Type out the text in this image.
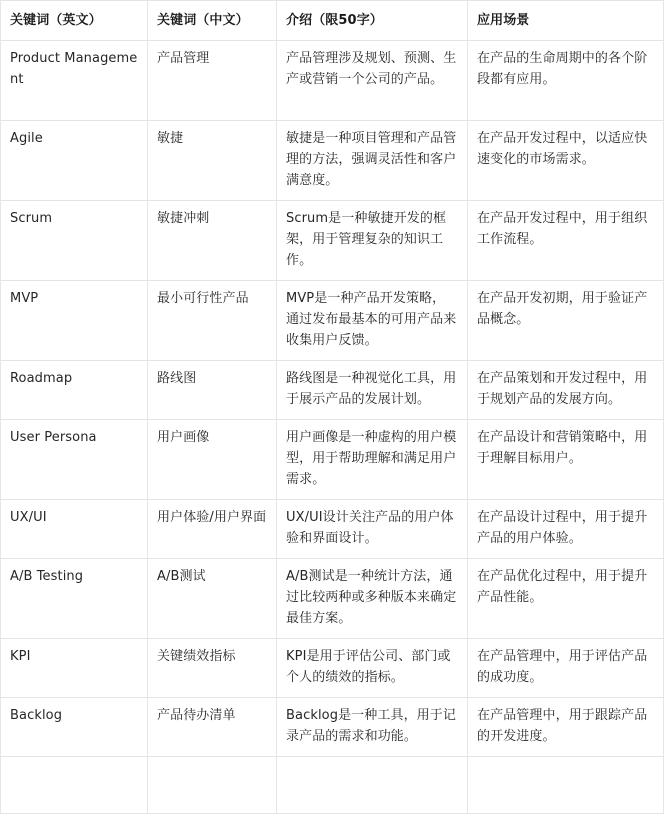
关键词（英文）	关键词（中文）	介绍（限50字）	应用场景
Product Management	产品管理	产品管理涉及规划、预测、生产或营销一个公司的产品。	在产品的生命周期中的各个阶段都有应用。
Agile	敏捷	敏捷是一种项目管理和产品管理的方法，强调灵活性和客户满意度。	在产品开发过程中，以适应快速变化的市场需求。
Scrum	敏捷冲刺	Scrum是一种敏捷开发的框架，用于管理复杂的知识工作。	在产品开发过程中，用于组织工作流程。
MVP	最小可行性产品	MVP是一种产品开发策略，通过发布最基本的可用产品来收集用户反馈。	在产品开发初期，用于验证产品概念。
Roadmap	路线图	路线图是一种视觉化工具，用于展示产品的发展计划。	在产品策划和开发过程中，用于规划产品的发展方向。
User Persona	用户画像	用户画像是一种虚构的用户模型，用于帮助理解和满足用户需求。	在产品设计和营销策略中，用于理解目标用户。
UX/UI	用户体验/用户界面	UX/UI设计关注产品的用户体验和界面设计。	在产品设计过程中，用于提升产品的用户体验。
A/B Testing	A/B测试	A/B测试是一种统计方法，通过比较两种或多种版本来确定最佳方案。	在产品优化过程中，用于提升产品性能。
KPI	关键绩效指标	KPI是用于评估公司、部门或个人的绩效的指标。	在产品管理中，用于评估产品的成功度。
Backlog	产品待办清单	Backlog是一种工具，用于记录产品的需求和功能。	在产品管理中，用于跟踪产品的开发进度。
